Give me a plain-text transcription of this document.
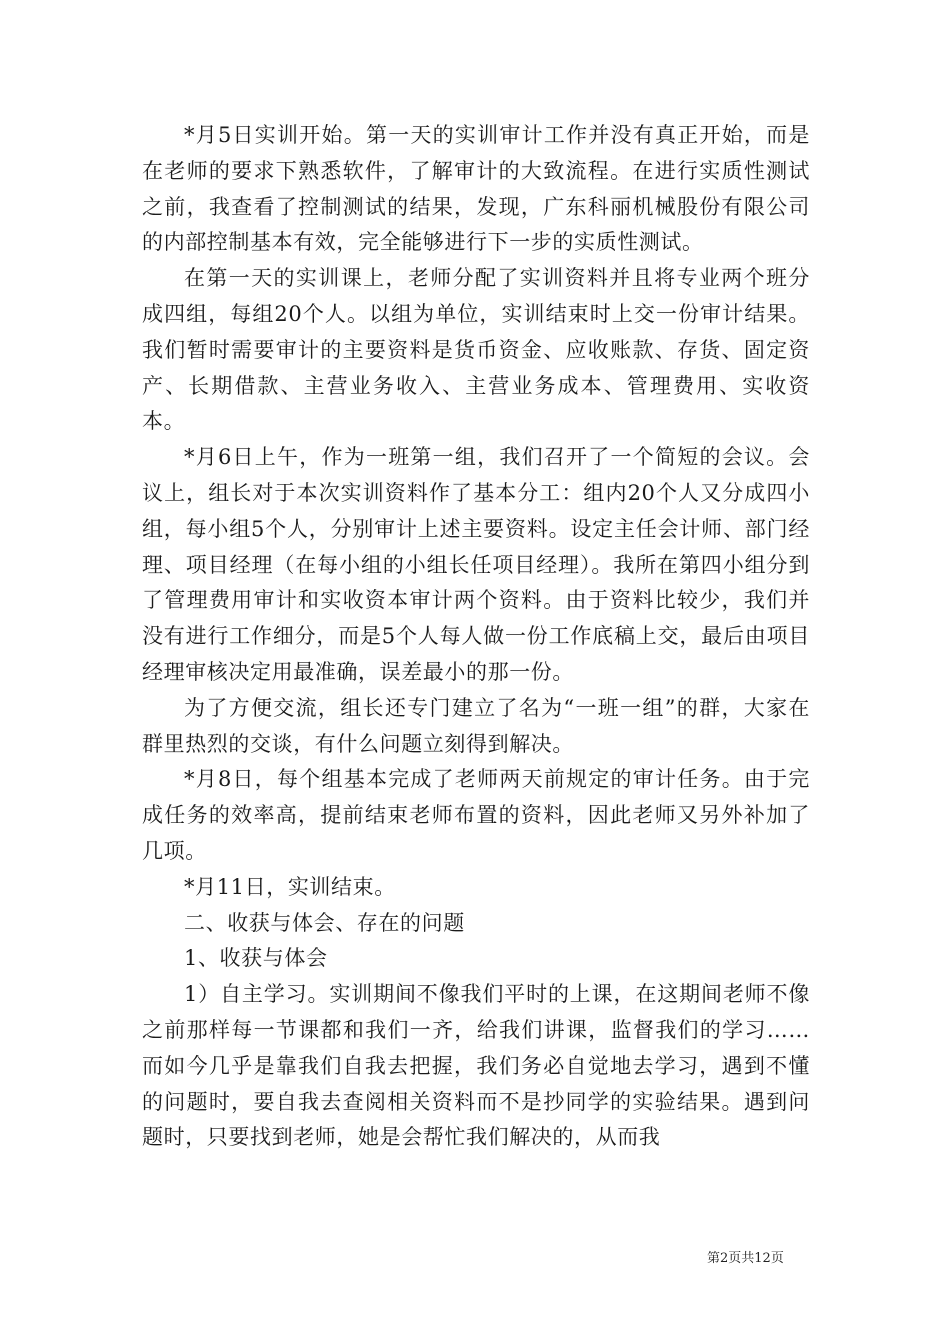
*月5日实训开始。第一天的实训审计工作并没有真正开始，而是在老师的要求下熟悉软件，了解审计的大致流程。在进行实质性测试之前，我查看了控制测试的结果，发现，广东科丽机械股份有限公司的内部控制基本有效，完全能够进行下一步的实质性测试。

在第一天的实训课上，老师分配了实训资料并且将专业两个班分成四组，每组20个人。以组为单位，实训结束时上交一份审计结果。我们暂时需要审计的主要资料是货币资金、应收账款、存货、固定资产、长期借款、主营业务收入、主营业务成本、管理费用、实收资本。

*月6日上午，作为一班第一组，我们召开了一个简短的会议。会议上，组长对于本次实训资料作了基本分工：组内20个人又分成四小组，每小组5个人，分别审计上述主要资料。设定主任会计师、部门经理、项目经理（在每小组的小组长任项目经理）。我所在第四小组分到了管理费用审计和实收资本审计两个资料。由于资料比较少，我们并没有进行工作细分，而是5个人每人做一份工作底稿上交，最后由项目经理审核决定用最准确，误差最小的那一份。

为了方便交流，组长还专门建立了名为“一班一组”的群，大家在群里热烈的交谈，有什么问题立刻得到解决。

*月8日，每个组基本完成了老师两天前规定的审计任务。由于完成任务的效率高，提前结束老师布置的资料，因此老师又另外补加了几项。

*月11日，实训结束。

二、收获与体会、存在的问题

1、收获与体会

1）自主学习。实训期间不像我们平时的上课，在这期间老师不像之前那样每一节课都和我们一齐，给我们讲课，监督我们的学习……而如今几乎是靠我们自我去把握，我们务必自觉地去学习，遇到不懂的问题时，要自我去查阅相关资料而不是抄同学的实验结果。遇到问题时，只要找到老师，她是会帮忙我们解决的，从而我

第2页共12页
